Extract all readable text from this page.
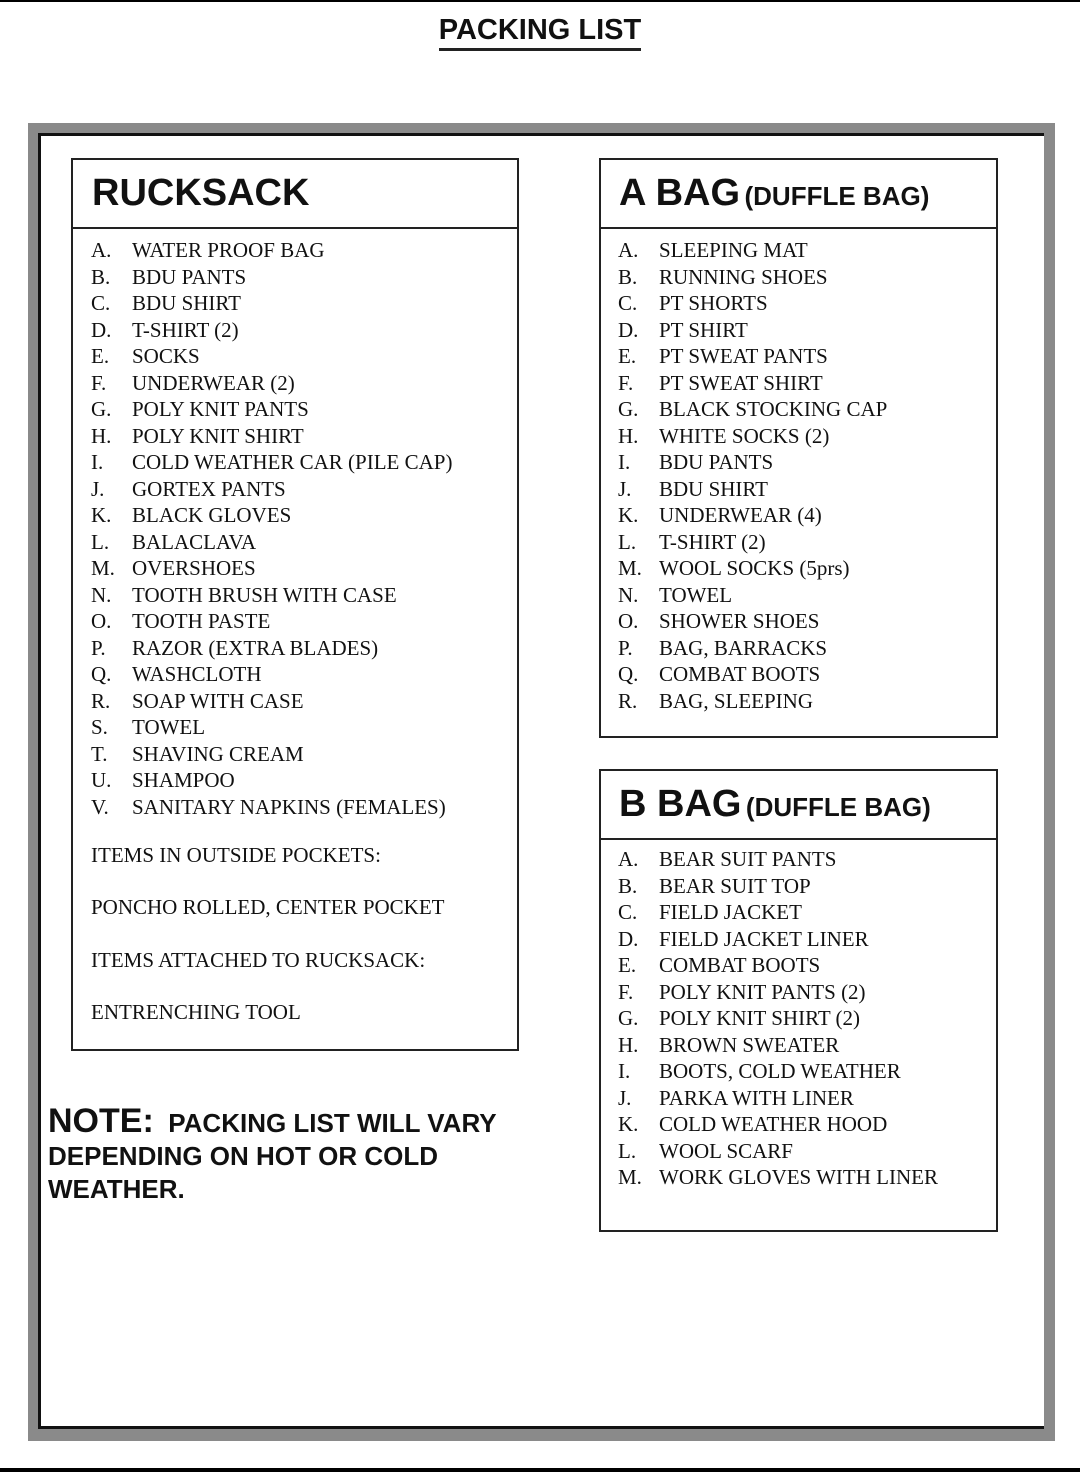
PACKING LIST
RUCKSACK
A. WATER PROOF BAG
B.	BDU PANTS
C.	BDU SHIRT
D. T-SHIRT (2)
E.	SOCKS
F.	UNDERWEAR (2)
G. POLY KNIT PANTS
H. POLY KNIT SHIRT
I.	COLD WEATHER CAR (PILE CAP)
J.	GORTEX PANTS
K. BLACK GLOVES
L.	BALACLAVA
M. OVERSHOES
N. TOOTH BRUSH WITH CASE
O. TOOTH PASTE
P.	RAZOR (EXTRA BLADES)
Q. WASHCLOTH
R.	SOAP WITH CASE
S.	TOWEL
T.	SHAVING CREAM
U. SHAMPOO
V.	SANITARY NAPKINS (FEMALES)
ITEMS IN OUTSIDE POCKETS:
PONCHO ROLLED, CENTER POCKET
ITEMS ATTACHED TO RUCKSACK:
ENTRENCHING TOOL
A BAG (DUFFLE BAG)
A. SLEEPING MAT
B.	RUNNING SHOES
C.	PT SHORTS
D. PT SHIRT
E.	PT SWEAT PANTS
F.	PT SWEAT SHIRT
G. BLACK STOCKING CAP
H. WHITE SOCKS (2)
I.	BDU PANTS
J.	BDU SHIRT
K. UNDERWEAR (4)
L.	T-SHIRT (2)
M. WOOL SOCKS (5prs)
N. TOWEL
O. SHOWER SHOES
P.	BAG, BARRACKS
Q. COMBAT BOOTS
R.	BAG, SLEEPING
B BAG (DUFFLE BAG)
A. BEAR SUIT PANTS
B.	BEAR SUIT TOP
C.	FIELD JACKET
D. FIELD JACKET LINER
E.	COMBAT BOOTS
F.	POLY KNIT PANTS (2)
G. POLY KNIT SHIRT (2)
H. BROWN SWEATER
I.	BOOTS, COLD WEATHER
J.	PARKA WITH LINER
K. COLD WEATHER HOOD
L.	WOOL SCARF
M. WORK GLOVES WITH LINER
NOTE: PACKING LIST WILL VARY
DEPENDING ON HOT OR COLD
WEATHER.
